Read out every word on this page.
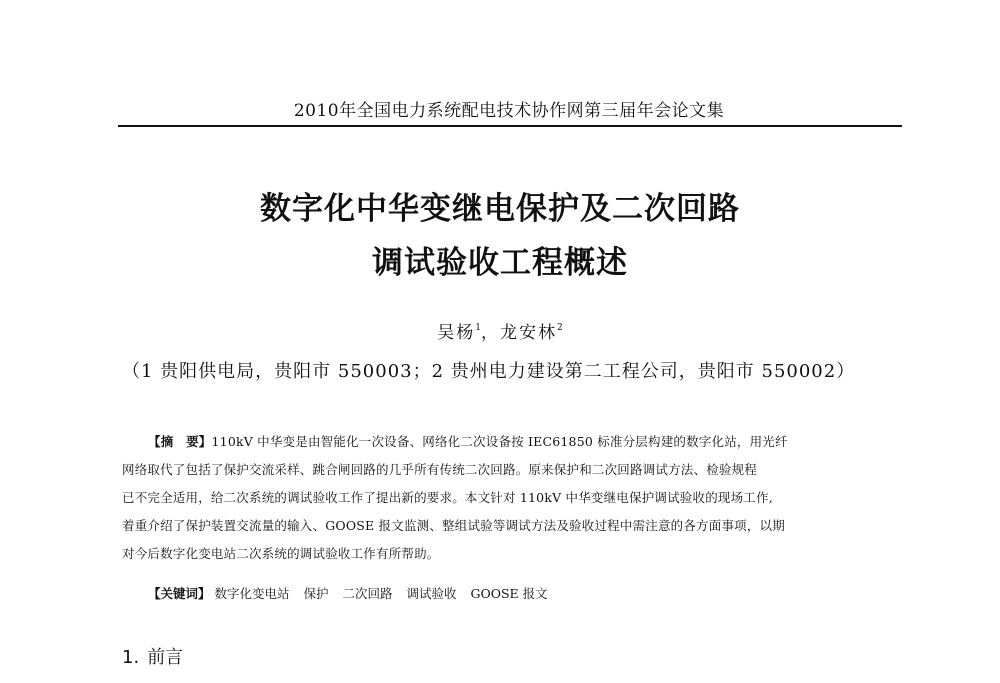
2010年全国电力系统配电技术协作网第三届年会论文集
数字化中华变继电保护及二次回路
调试验收工程概述
吴杨$^1$，龙安林$^2$
（1 贵阳供电局，贵阳市 550003；2 贵州电力建设第二工程公司，贵阳市 550002）
【摘　要】110kV 中华变是由智能化一次设备、网络化二次设备按 IEC61850 标准分层构建的数字化站，用光纤
网络取代了包括了保护交流采样、跳合闸回路的几乎所有传统二次回路。原来保护和二次回路调试方法、检验规程
已不完全适用，给二次系统的调试验收工作了提出新的要求。本文针对 110kV 中华变继电保护调试验收的现场工作,
着重介绍了保护装置交流量的输入、GOOSE 报文监测、整组试验等调试方法及验收过程中需注意的各方面事项，以期
对今后数字化变电站二次系统的调试验收工作有所帮助。
【关键词】 数字化变电站 保护 二次回路 调试验收 GOOSE 报文
1. 前言
